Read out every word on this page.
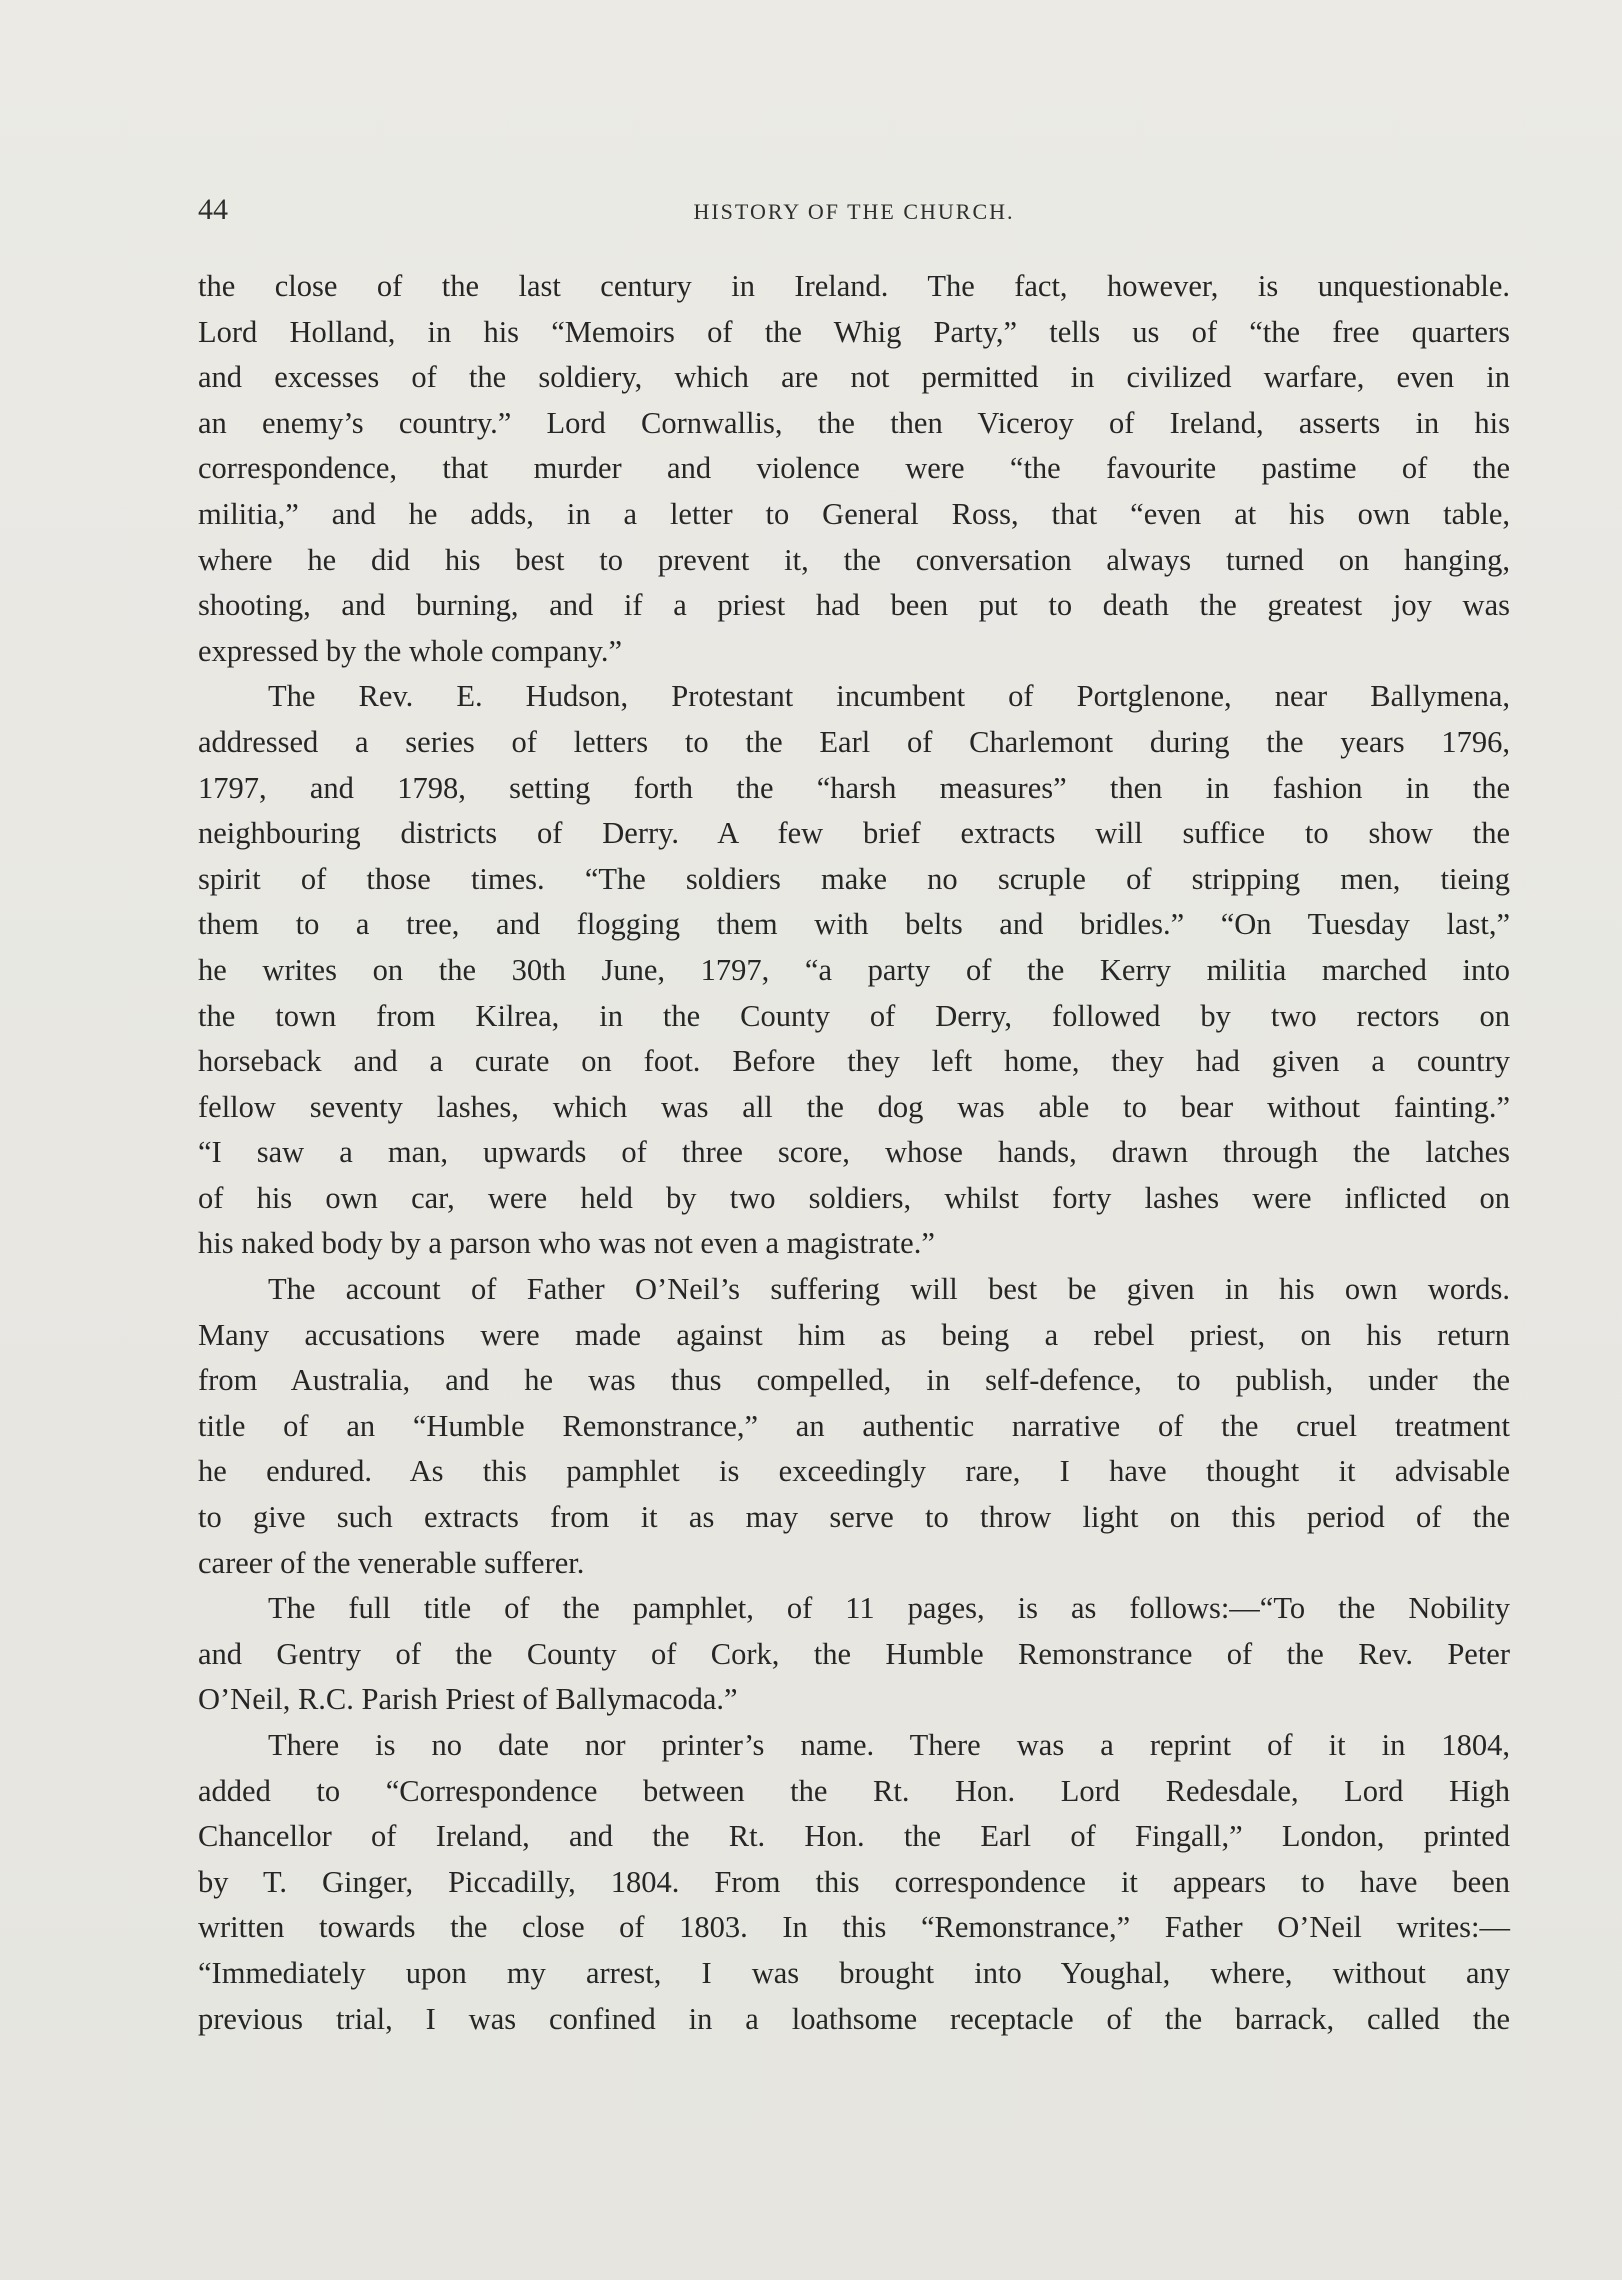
44	HISTORY OF THE CHURCH.
the close of the last century in Ireland. The fact, however, is unquestionable.
Lord Holland, in his “Memoirs of the Whig Party,” tells us of “the free quarters
and excesses of the soldiery, which are not permitted in civilized warfare, even in
an enemy’s country.” Lord Cornwallis, the then Viceroy of Ireland, asserts in his
correspondence, that murder and violence were “the favourite pastime of the
militia,” and he adds, in a letter to General Ross, that “even at his own table,
where he did his best to prevent it, the conversation always turned on hanging,
shooting, and burning, and if a priest had been put to death the greatest joy was
expressed by the whole company.”
The Rev. E. Hudson, Protestant incumbent of Portglenone, near Ballymena,
addressed a series of letters to the Earl of Charlemont during the years 1796,
1797, and 1798, setting forth the “harsh measures” then in fashion in the
neighbouring districts of Derry. A few brief extracts will suffice to show the
spirit of those times. “The soldiers make no scruple of stripping men, tieing
them to a tree, and flogging them with belts and bridles.” “On Tuesday last,”
he writes on the 30th June, 1797, “a party of the Kerry militia marched into
the town from Kilrea, in the County of Derry, followed by two rectors on
horseback and a curate on foot. Before they left home, they had given a country
fellow seventy lashes, which was all the dog was able to bear without fainting.”
“I saw a man, upwards of three score, whose hands, drawn through the latches
of his own car, were held by two soldiers, whilst forty lashes were inflicted on
his naked body by a parson who was not even a magistrate.”
The account of Father O’Neil’s suffering will best be given in his own words.
Many accusations were made against him as being a rebel priest, on his return
from Australia, and he was thus compelled, in self-defence, to publish, under the
title of an “Humble Remonstrance,” an authentic narrative of the cruel treatment
he endured. As this pamphlet is exceedingly rare, I have thought it advisable
to give such extracts from it as may serve to throw light on this period of the
career of the venerable sufferer.
The full title of the pamphlet, of 11 pages, is as follows:—“To the Nobility
and Gentry of the County of Cork, the Humble Remonstrance of the Rev. Peter
O’Neil, R.C. Parish Priest of Ballymacoda.”
There is no date nor printer’s name. There was a reprint of it in 1804,
added to “Correspondence between the Rt. Hon. Lord Redesdale, Lord High
Chancellor of Ireland, and the Rt. Hon. the Earl of Fingall,” London, printed
by T. Ginger, Piccadilly, 1804. From this correspondence it appears to have been
written towards the close of 1803. In this “Remonstrance,” Father O’Neil writes:—
“Immediately upon my arrest, I was brought into Youghal, where, without any
previous trial, I was confined in a loathsome receptacle of the barrack, called the
